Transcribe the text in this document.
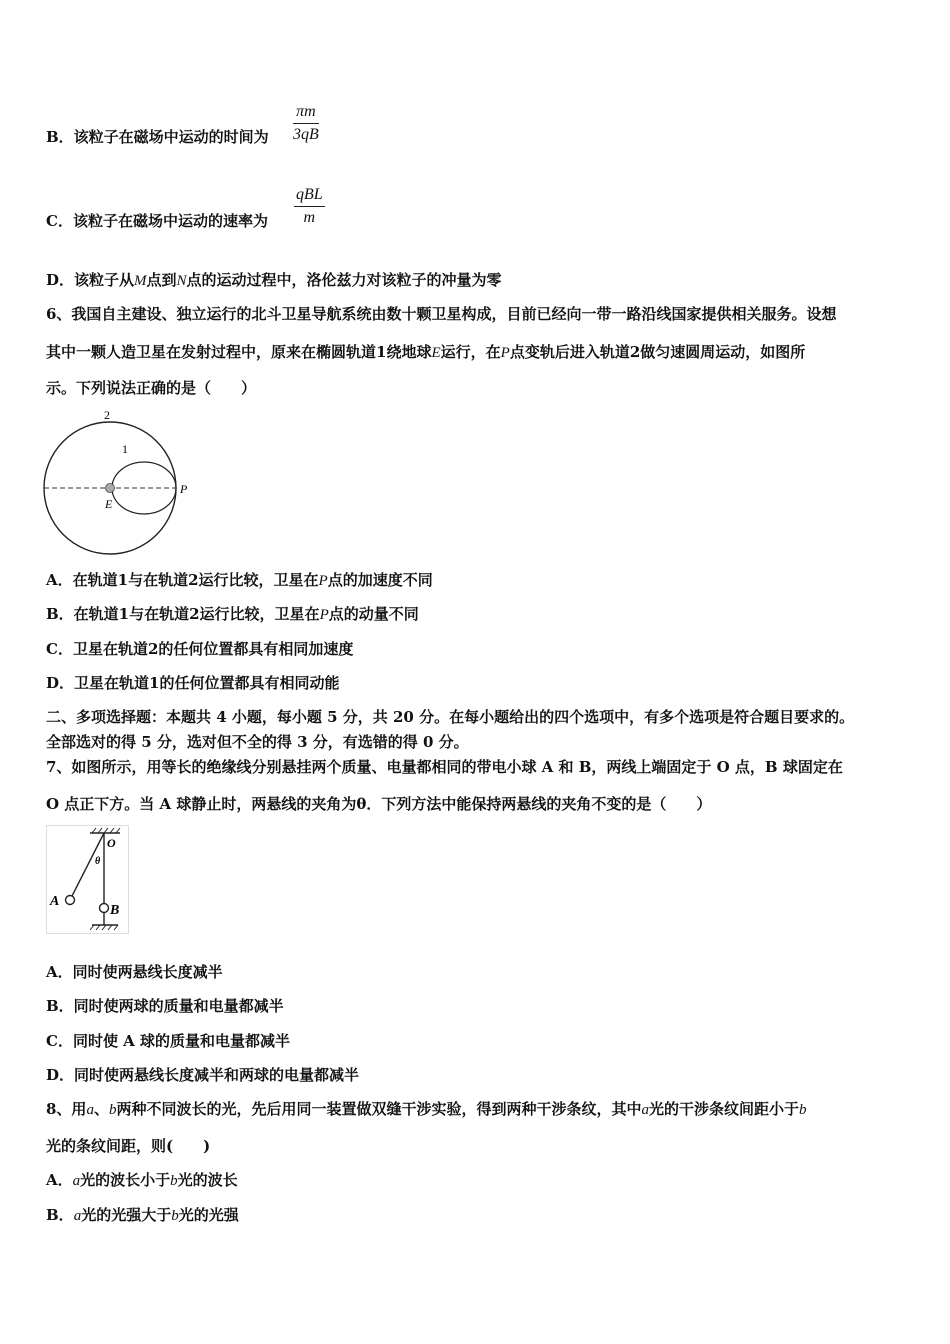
B．该粒子在磁场中运动的时间为 $\frac{\pi m}{3qB}$
C．该粒子在磁场中运动的速率为
qBL
m
D．该粒子从M点到N点的运动过程中，洛伦兹力对该粒子的冲量为零
6、我国自主建设、独立运行的北斗卫星导航系统由数十颗卫星构成，目前已经向一带一路沿线国家提供相关服务。设想
其中一颗人造卫星在发射过程中，原来在椭圆轨道1绕地球E运行，在P点变轨后进入轨道2做匀速圆周运动，如图所
示。下列说法正确的是（　　）
2
1
E
P
A．在轨道1与在轨道2运行比较，卫星在P点的加速度不同
B．在轨道1与在轨道2运行比较，卫星在P点的动量不同
C．卫星在轨道2的任何位置都具有相同加速度
D．卫星在轨道1的任何位置都具有相同动能
二、多项选择题：本题共 4 小题，每小题 5 分，共 20 分。在每小题给出的四个选项中，有多个选项是符合题目要求的。
全部选对的得 5 分，选对但不全的得 3 分，有选错的得 0 分。
7、如图所示，用等长的绝缘线分别悬挂两个质量、电量都相同的带电小球 A 和 B，两线上端固定于 O 点，B 球固定在
O 点正下方。当 A 球静止时，两悬线的夹角为θ．下列方法中能保持两悬线的夹角不变的是（　　）
O
θ
A
B
A．同时使两悬线长度减半
B．同时使两球的质量和电量都减半
C．同时使 A 球的质量和电量都减半
D．同时使两悬线长度减半和两球的电量都减半
8、用a、b两种不同波长的光，先后用同一装置做双缝干涉实验，得到两种干涉条纹，其中a光的干涉条纹间距小于b
光的条纹间距，则(　　)
A．a光的波长小于b光的波长
B．a光的光强大于b光的光强
